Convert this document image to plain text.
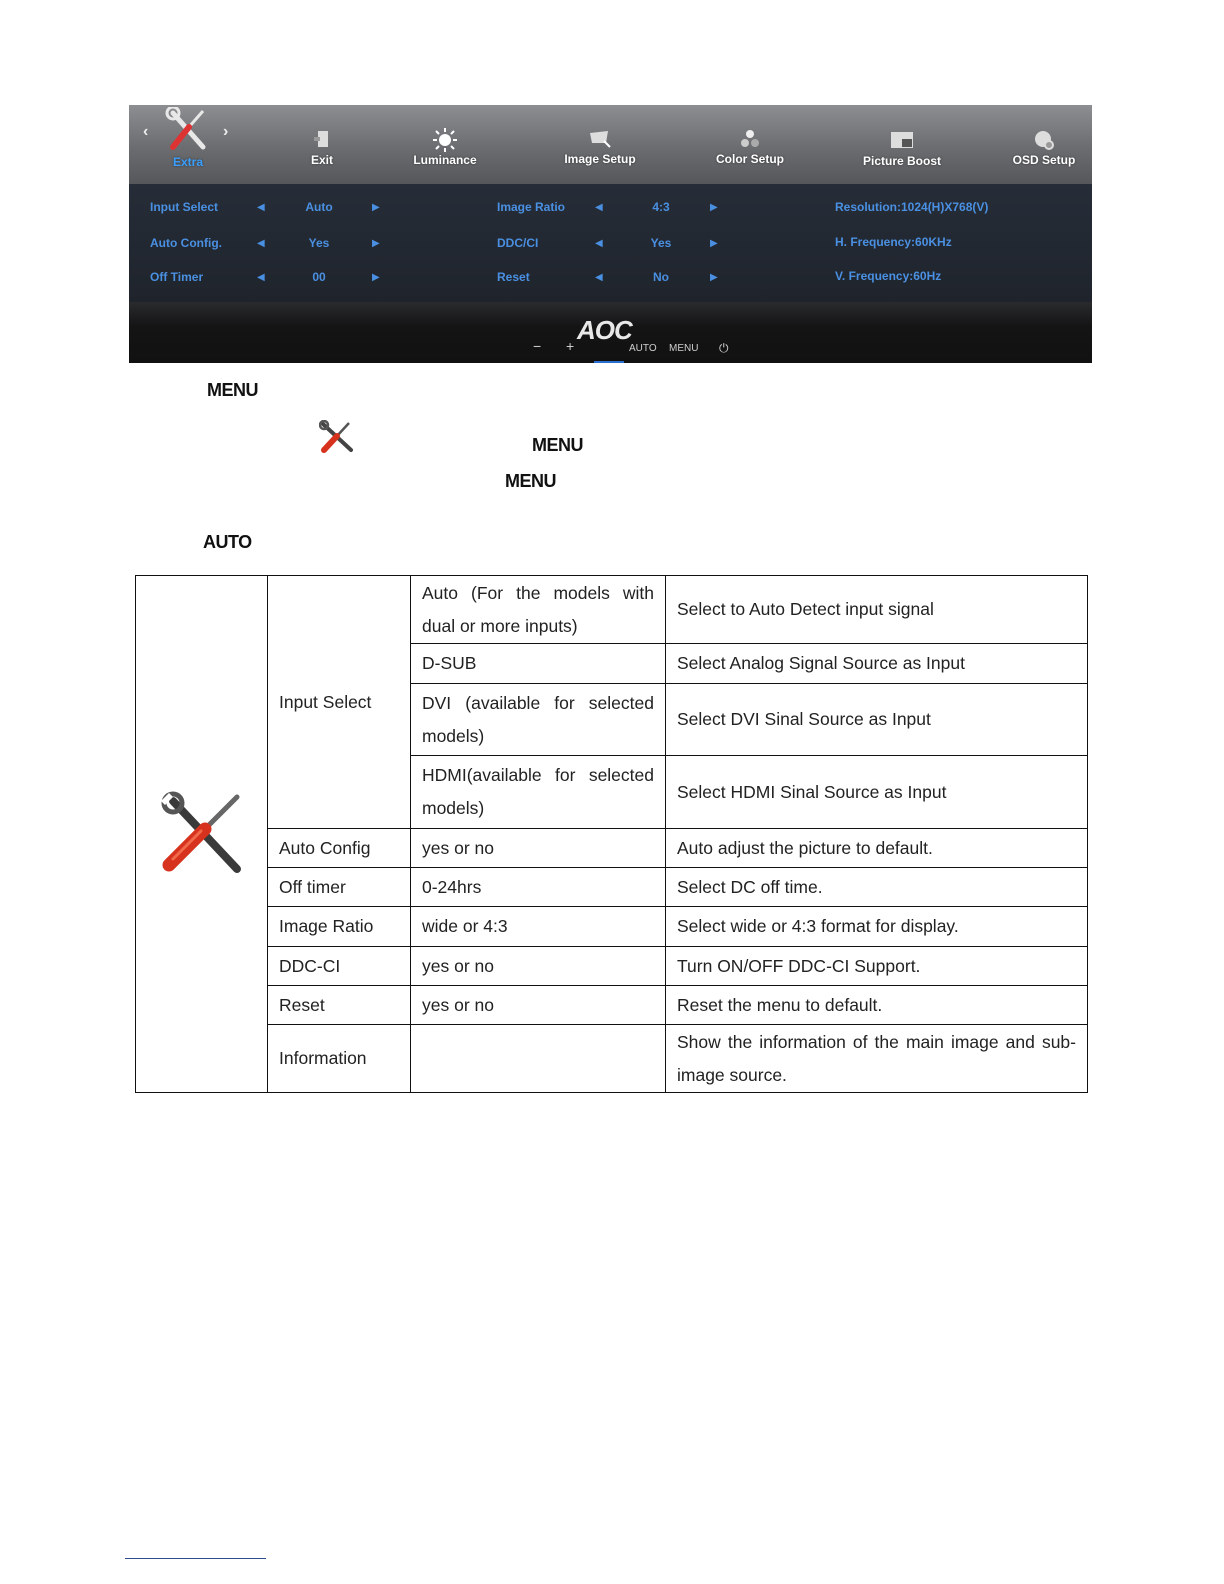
‹	›
Extra	Exit	Luminance	Image Setup	Color Setup	Picture Boost	OSD Setup
Input Select	◀	Auto	▶
Auto Config.	◀	Yes	▶
Off Timer	◀	00	▶
Image Ratio	◀	4:3	▶
DDC/CI	◀	Yes	▶
Reset	◀	No	▶
Resolution:1024(H)X768(V)
H. Frequency:60KHz
V. Frequency:60Hz
AOC
− +	AUTO MENU ⏻
MENU
MENU
MENU
AUTO
	Input Select	Auto (For the models with dual or more inputs)	Select to Auto Detect input signal
		D-SUB	Select Analog Signal Source as Input
		DVI (available for selected models)	Select DVI Sinal Source as Input
		HDMI(available for selected models)	Select HDMI Sinal Source as Input
	Auto Config	yes or no	Auto adjust the picture to default.
	Off timer	0-24hrs	Select DC off time.
	Image Ratio	wide or 4:3	Select wide or 4:3 format for display.
	DDC-CI	yes or no	Turn ON/OFF DDC-CI Support.
	Reset	yes or no	Reset the menu to default.
	Information		Show the information of the main image and sub-image source.
